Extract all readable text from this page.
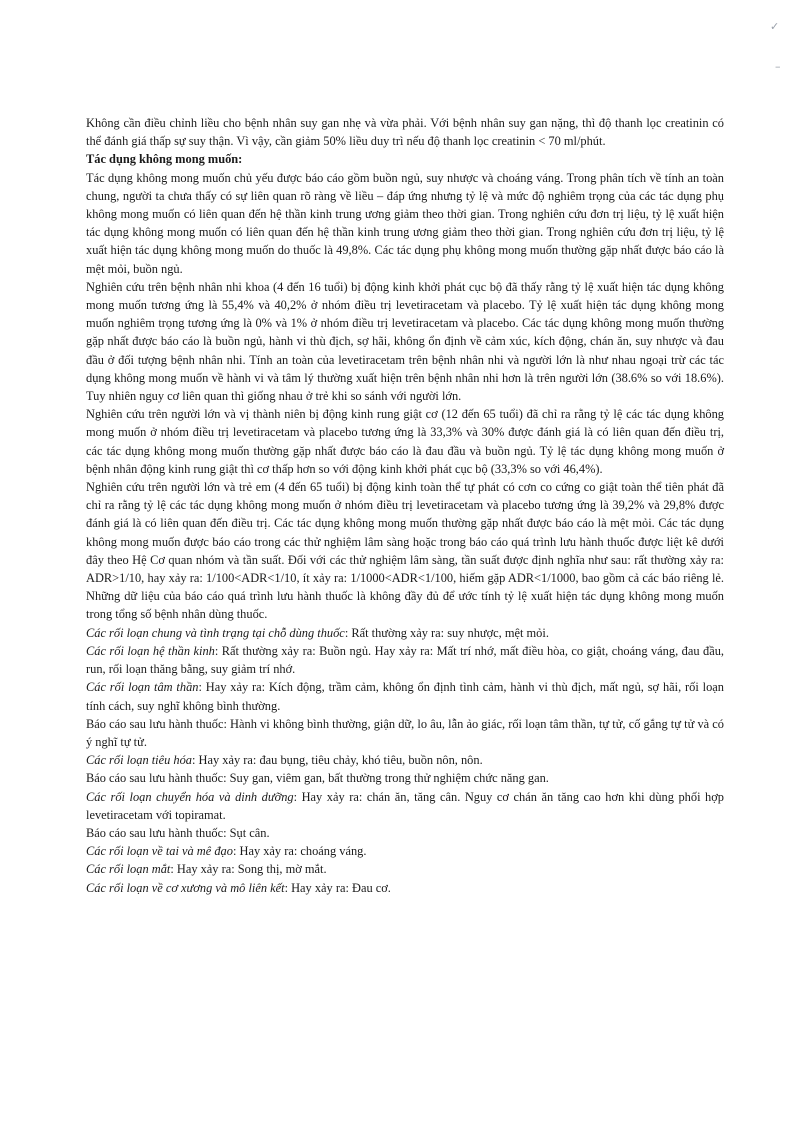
✓
–

Không cần điều chỉnh liều cho bệnh nhân suy gan nhẹ và vừa phải. Với bệnh nhân suy gan nặng, thì độ thanh lọc creatinin có thể đánh giá thấp sự suy thận. Vì vậy, cần giảm 50% liều duy trì nếu độ thanh lọc creatinin < 70 ml/phút.

Tác dụng không mong muốn:

Tác dụng không mong muốn chủ yếu được báo cáo gồm buồn ngủ, suy nhược và choáng váng. Trong phân tích về tính an toàn chung, người ta chưa thấy có sự liên quan rõ ràng về liều – đáp ứng nhưng tỷ lệ và mức độ nghiêm trọng của các tác dụng phụ không mong muốn có liên quan đến hệ thần kinh trung ương giảm theo thời gian. Trong nghiên cứu đơn trị liệu, tỷ lệ xuất hiện tác dụng không mong muốn có liên quan đến hệ thần kinh trung ương giảm theo thời gian. Trong nghiên cứu đơn trị liệu, tỷ lệ xuất hiện tác dụng không mong muốn do thuốc là 49,8%. Các tác dụng phụ không mong muốn thường gặp nhất được báo cáo là mệt mỏi, buồn ngủ.

Nghiên cứu trên bệnh nhân nhi khoa (4 đến 16 tuổi) bị động kinh khởi phát cục bộ đã thấy rằng tỷ lệ xuất hiện tác dụng không mong muốn tương ứng là 55,4% và 40,2% ở nhóm điều trị levetiracetam và placebo. Tỷ lệ xuất hiện tác dụng không mong muốn nghiêm trọng tương ứng là 0% và 1% ở nhóm điều trị levetiracetam và placebo. Các tác dụng không mong muốn thường gặp nhất được báo cáo là buồn ngủ, hành vi thù địch, sợ hãi, không ổn định về cảm xúc, kích động, chán ăn, suy nhược và đau đầu ở đối tượng bệnh nhân nhi. Tính an toàn của levetiracetam trên bệnh nhân nhi và người lớn là như nhau ngoại trừ các tác dụng không mong muốn về hành vi và tâm lý thường xuất hiện trên bệnh nhân nhi hơn là trên người lớn (38.6% so với 18.6%). Tuy nhiên nguy cơ liên quan thì giống nhau ở trẻ khi so sánh với người lớn.

Nghiên cứu trên người lớn và vị thành niên bị động kinh rung giật cơ (12 đến 65 tuổi) đã chỉ ra rằng tỷ lệ các tác dụng không mong muốn ở nhóm điều trị levetiracetam và placebo tương ứng là 33,3% và 30% được đánh giá là có liên quan đến điều trị, các tác dụng không mong muốn thường gặp nhất được báo cáo là đau đầu và buồn ngủ. Tỷ lệ tác dụng không mong muốn ở bệnh nhân động kinh rung giật thì cơ thấp hơn so với động kinh khởi phát cục bộ (33,3% so với 46,4%).

Nghiên cứu trên người lớn và trẻ em (4 đến 65 tuổi) bị động kinh toàn thể tự phát có cơn co cứng co giật toàn thể tiên phát đã chỉ ra rằng tỷ lệ các tác dụng không mong muốn ở nhóm điều trị levetiracetam và placebo tương ứng là 39,2% và 29,8% được đánh giá là có liên quan đến điều trị. Các tác dụng không mong muốn thường gặp nhất được báo cáo là mệt mỏi. Các tác dụng không mong muốn được báo cáo trong các thử nghiệm lâm sàng hoặc trong báo cáo quá trình lưu hành thuốc được liệt kê dưới đây theo Hệ Cơ quan nhóm và tần suất. Đối với các thử nghiệm lâm sàng, tần suất được định nghĩa như sau: rất thường xảy ra: ADR>1/10, hay xảy ra: 1/100<ADR<1/10, ít xảy ra: 1/1000<ADR<1/100, hiếm gặp ADR<1/1000, bao gồm cả các báo riêng lẻ. Những dữ liệu của báo cáo quá trình lưu hành thuốc là không đầy đủ để ước tính tỷ lệ xuất hiện tác dụng không mong muốn trong tổng số bệnh nhân dùng thuốc.

Các rối loạn chung và tình trạng tại chỗ dùng thuốc: Rất thường xảy ra: suy nhược, mệt mỏi.

Các rối loạn hệ thần kinh: Rất thường xảy ra: Buồn ngủ. Hay xảy ra: Mất trí nhớ, mất điều hòa, co giật, choáng váng, đau đầu, run, rối loạn thăng bằng, suy giảm trí nhớ.

Các rối loạn tâm thần: Hay xảy ra: Kích động, trầm cảm, không ổn định tình cảm, hành vi thù địch, mất ngủ, sợ hãi, rối loạn tính cách, suy nghĩ không bình thường.

Báo cáo sau lưu hành thuốc: Hành vi không bình thường, giận dữ, lo âu, lẫn ảo giác, rối loạn tâm thần, tự tử, cố gắng tự tử và có ý nghĩ tự tử.

Các rối loạn tiêu hóa: Hay xảy ra: đau bụng, tiêu chảy, khó tiêu, buồn nôn, nôn.

Báo cáo sau lưu hành thuốc: Suy gan, viêm gan, bất thường trong thử nghiệm chức năng gan.

Các rối loạn chuyển hóa và dinh dưỡng: Hay xảy ra: chán ăn, tăng cân. Nguy cơ chán ăn tăng cao hơn khi dùng phối hợp levetiracetam với topiramat.

Báo cáo sau lưu hành thuốc: Sụt cân.

Các rối loạn về tai và mê đạo: Hay xảy ra: choáng váng.

Các rối loạn mắt: Hay xảy ra: Song thị, mờ mắt.

Các rối loạn về cơ xương và mô liên kết: Hay xảy ra: Đau cơ.
